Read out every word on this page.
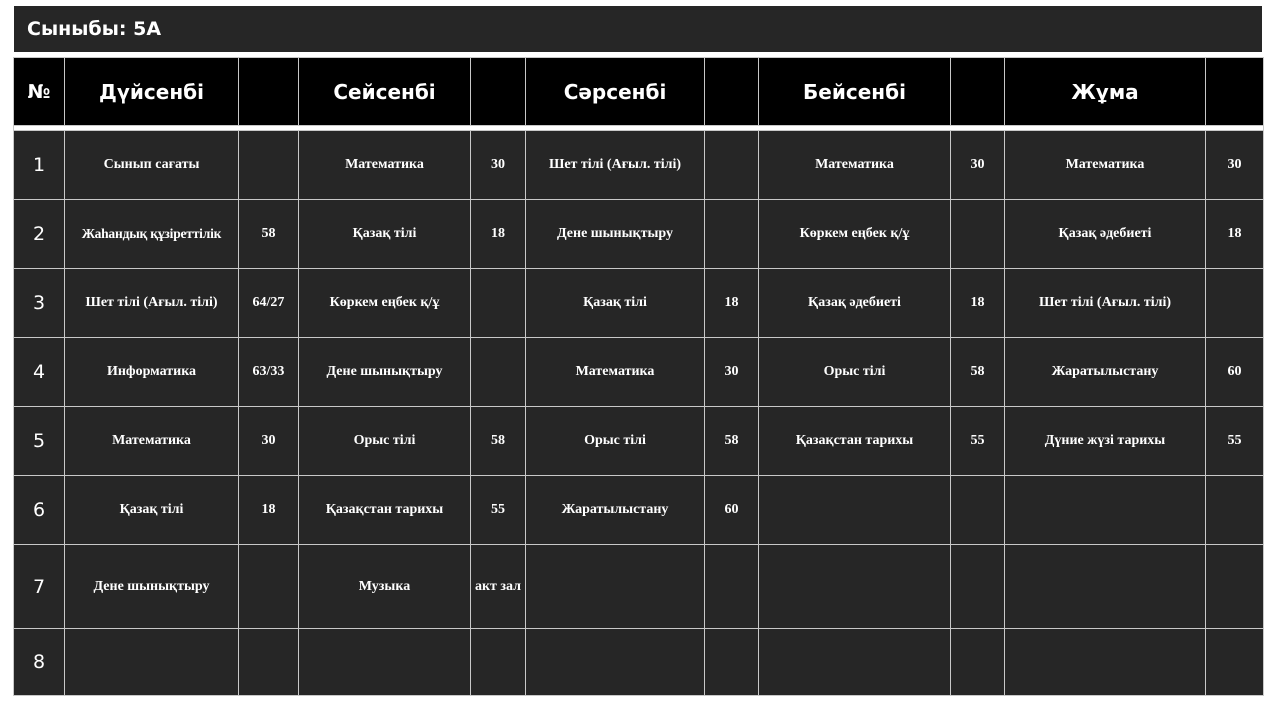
Сыныбы: 5А
№	Дүйсенбі		Сейсенбі		Сәрсенбі		Бейсенбі		Жұма	

1	Сынып сағаты		Математика	30	Шет тілі (Ағыл. тілі)		Математика	30	Математика	30
2	Жаһандық құзіреттілік	58	Қазақ тілі	18	Дене шынықтыру		Көркем еңбек қ/ұ		Қазақ әдебиеті	18
3	Шет тілі (Ағыл. тілі)	64/27	Көркем еңбек қ/ұ		Қазақ тілі	18	Қазақ әдебиеті	18	Шет тілі (Ағыл. тілі)	
4	Информатика	63/33	Дене шынықтыру		Математика	30	Орыс тілі	58	Жаратылыстану	60
5	Математика	30	Орыс тілі	58	Орыс тілі	58	Қазақстан тарихы	55	Дүние жүзі тарихы	55
6	Қазақ тілі	18	Қазақстан тарихы	55	Жаратылыстану	60				
7	Дене шынықтыру		Музыка	акт зал						
8										
